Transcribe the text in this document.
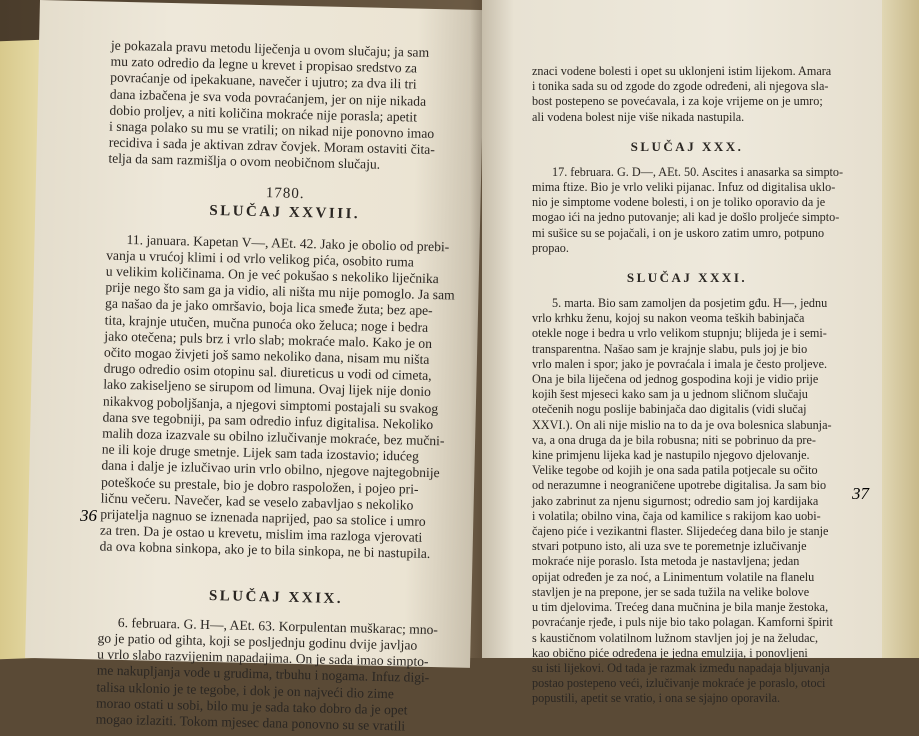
je pokazala pravu metodu liječenja u ovom slučaju; ja sam
mu zato odredio da legne u krevet i propisao sredstvo za
povraćanje od ipekakuane, navečer i ujutro; za dva ili tri
dana izbačena je sva voda povraćanjem, jer on nije nikada
dobio proljev, a niti količina mokraće nije porasla; apetit
i snaga polako su mu se vratili; on nikad nije ponovno imao
recidiva i sada je aktivan zdrav čovjek. Moram ostaviti čita-
telja da sam razmišlja o ovom neobičnom slučaju.
1780.
SLUČAJ XXVIII.
11. januara. Kapetan V—, AEt. 42. Jako je obolio od prebi-
vanja u vrućoj klimi i od vrlo velikog pića, osobito ruma
u velikim količinama. On je već pokušao s nekoliko liječnika
prije nego što sam ga ja vidio, ali ništa mu nije pomoglo. Ja sam
ga našao da je jako omršavio, boja lica smeđe žuta; bez ape-
tita, krajnje utučen, mučna punoća oko želuca; noge i bedra
jako otečena; puls brz i vrlo slab; mokraće malo. Kako je on
očito mogao živjeti još samo nekoliko dana, nisam mu ništa
drugo odredio osim otopinu sal. diureticus u vodi od cimeta,
lako zakiseljeno se sirupom od limuna. Ovaj lijek nije donio
nikakvog poboljšanja, a njegovi simptomi postajali su svakog
dana sve tegobniji, pa sam odredio infuz digitalisa. Nekoliko
malih doza izazvale su obilno izlučivanje mokraće, bez mučni-
ne ili koje druge smetnje. Lijek sam tada izostavio; idućeg
dana i dalje je izlučivao urin vrlo obilno, njegove najtegobnije
poteškoće su prestale, bio je dobro raspoložen, i pojeo pri-
ličnu večeru. Navečer, kad se veselo zabavljao s nekoliko
prijatelja nagnuo se iznenada naprijed, pao sa stolice i umro
za tren. Da je ostao u krevetu, mislim ima razloga vjerovati
da ova kobna sinkopa, ako je to bila sinkopa, ne bi nastupila.
SLUČAJ XXIX.
6. februara. G. H—, AEt. 63. Korpulentan muškarac; mno-
go je patio od gihta, koji se posljednju godinu dvije javljao
u vrlo slabo razvijenim napadajima. On je sada imao simpto-
me nakupljanja vode u grudima, trbuhu i nogama. Infuz digi-
talisa uklonio je te tegobe, i dok je on najveći dio zime
morao ostati u sobi, bilo mu je sada tako dobro da je opet
mogao izlaziti. Tokom mjesec dana ponovno su se vratili
znaci vodene bolesti i opet su uklonjeni istim lijekom. Amara
i tonika sada su od zgode do zgode određeni, ali njegova sla-
bost postepeno se povećavala, i za koje vrijeme on je umro;
ali vodena bolest nije više nikada nastupila.
SLUČAJ XXX.
17. februara. G. D—, AEt. 50. Ascites i anasarka sa simpto-
mima ftize. Bio je vrlo veliki pijanac. Infuz od digitalisa uklo-
nio je simptome vodene bolesti, i on je toliko oporavio da je
mogao ići na jedno putovanje; ali kad je došlo proljeće simpto-
mi sušice su se pojačali, i on je uskoro zatim umro, potpuno
propao.
SLUČAJ XXXI.
5. marta. Bio sam zamoljen da posjetim gđu. H—, jednu
vrlo krhku ženu, kojoj su nakon veoma teških babinjača
otekle noge i bedra u vrlo velikom stupnju; blijeda je i semi-
transparentna. Našao sam je krajnje slabu, puls joj je bio
vrlo malen i spor; jako je povraćala i imala je često proljeve.
Ona je bila liječena od jednog gospodina koji je vidio prije
kojih šest mjeseci kako sam ja u jednom sličnom slučaju
otečenih nogu poslije babinjača dao digitalis (vidi slučaj
XXVI.). On ali nije mislio na to da je ova bolesnica slabunja-
va, a ona druga da je bila robusna; niti se pobrinuo da pre-
kine primjenu lijeka kad je nastupilo njegovo djelovanje.
Velike tegobe od kojih je ona sada patila potjecale su očito
od nerazumne i neograničene upotrebe digitalisa. Ja sam bio
jako zabrinut za njenu sigurnost; odredio sam joj kardijaka
i volatila; obilno vina, čaja od kamilice s rakijom kao uobi-
čajeno piće i vezikantni flaster. Slijedećeg dana bilo je stanje
stvari potpuno isto, ali uza sve te poremetnje izlučivanje
mokraće nije poraslo. Ista metoda je nastavljena; jedan
opijat određen je za noć, a Linimentum volatile na flanelu
stavljen je na prepone, jer se sada tužila na velike bolove
u tim djelovima. Trećeg dana mučnina je bila manje žestoka,
povraćanje rjeđe, i puls nije bio tako polagan. Kamforni špirit
s kaustičnom volatilnom lužnom stavljen joj je na želudac,
kao obično piće određena je jedna emulzija, i ponovljeni
su isti lijekovi. Od tada je razmak između napadaja bljuvanja
postao postepeno veći, izlučivanje mokraće je poraslo, otoci
popustili, apetit se vratio, i ona se sjajno oporavila.
36
37
